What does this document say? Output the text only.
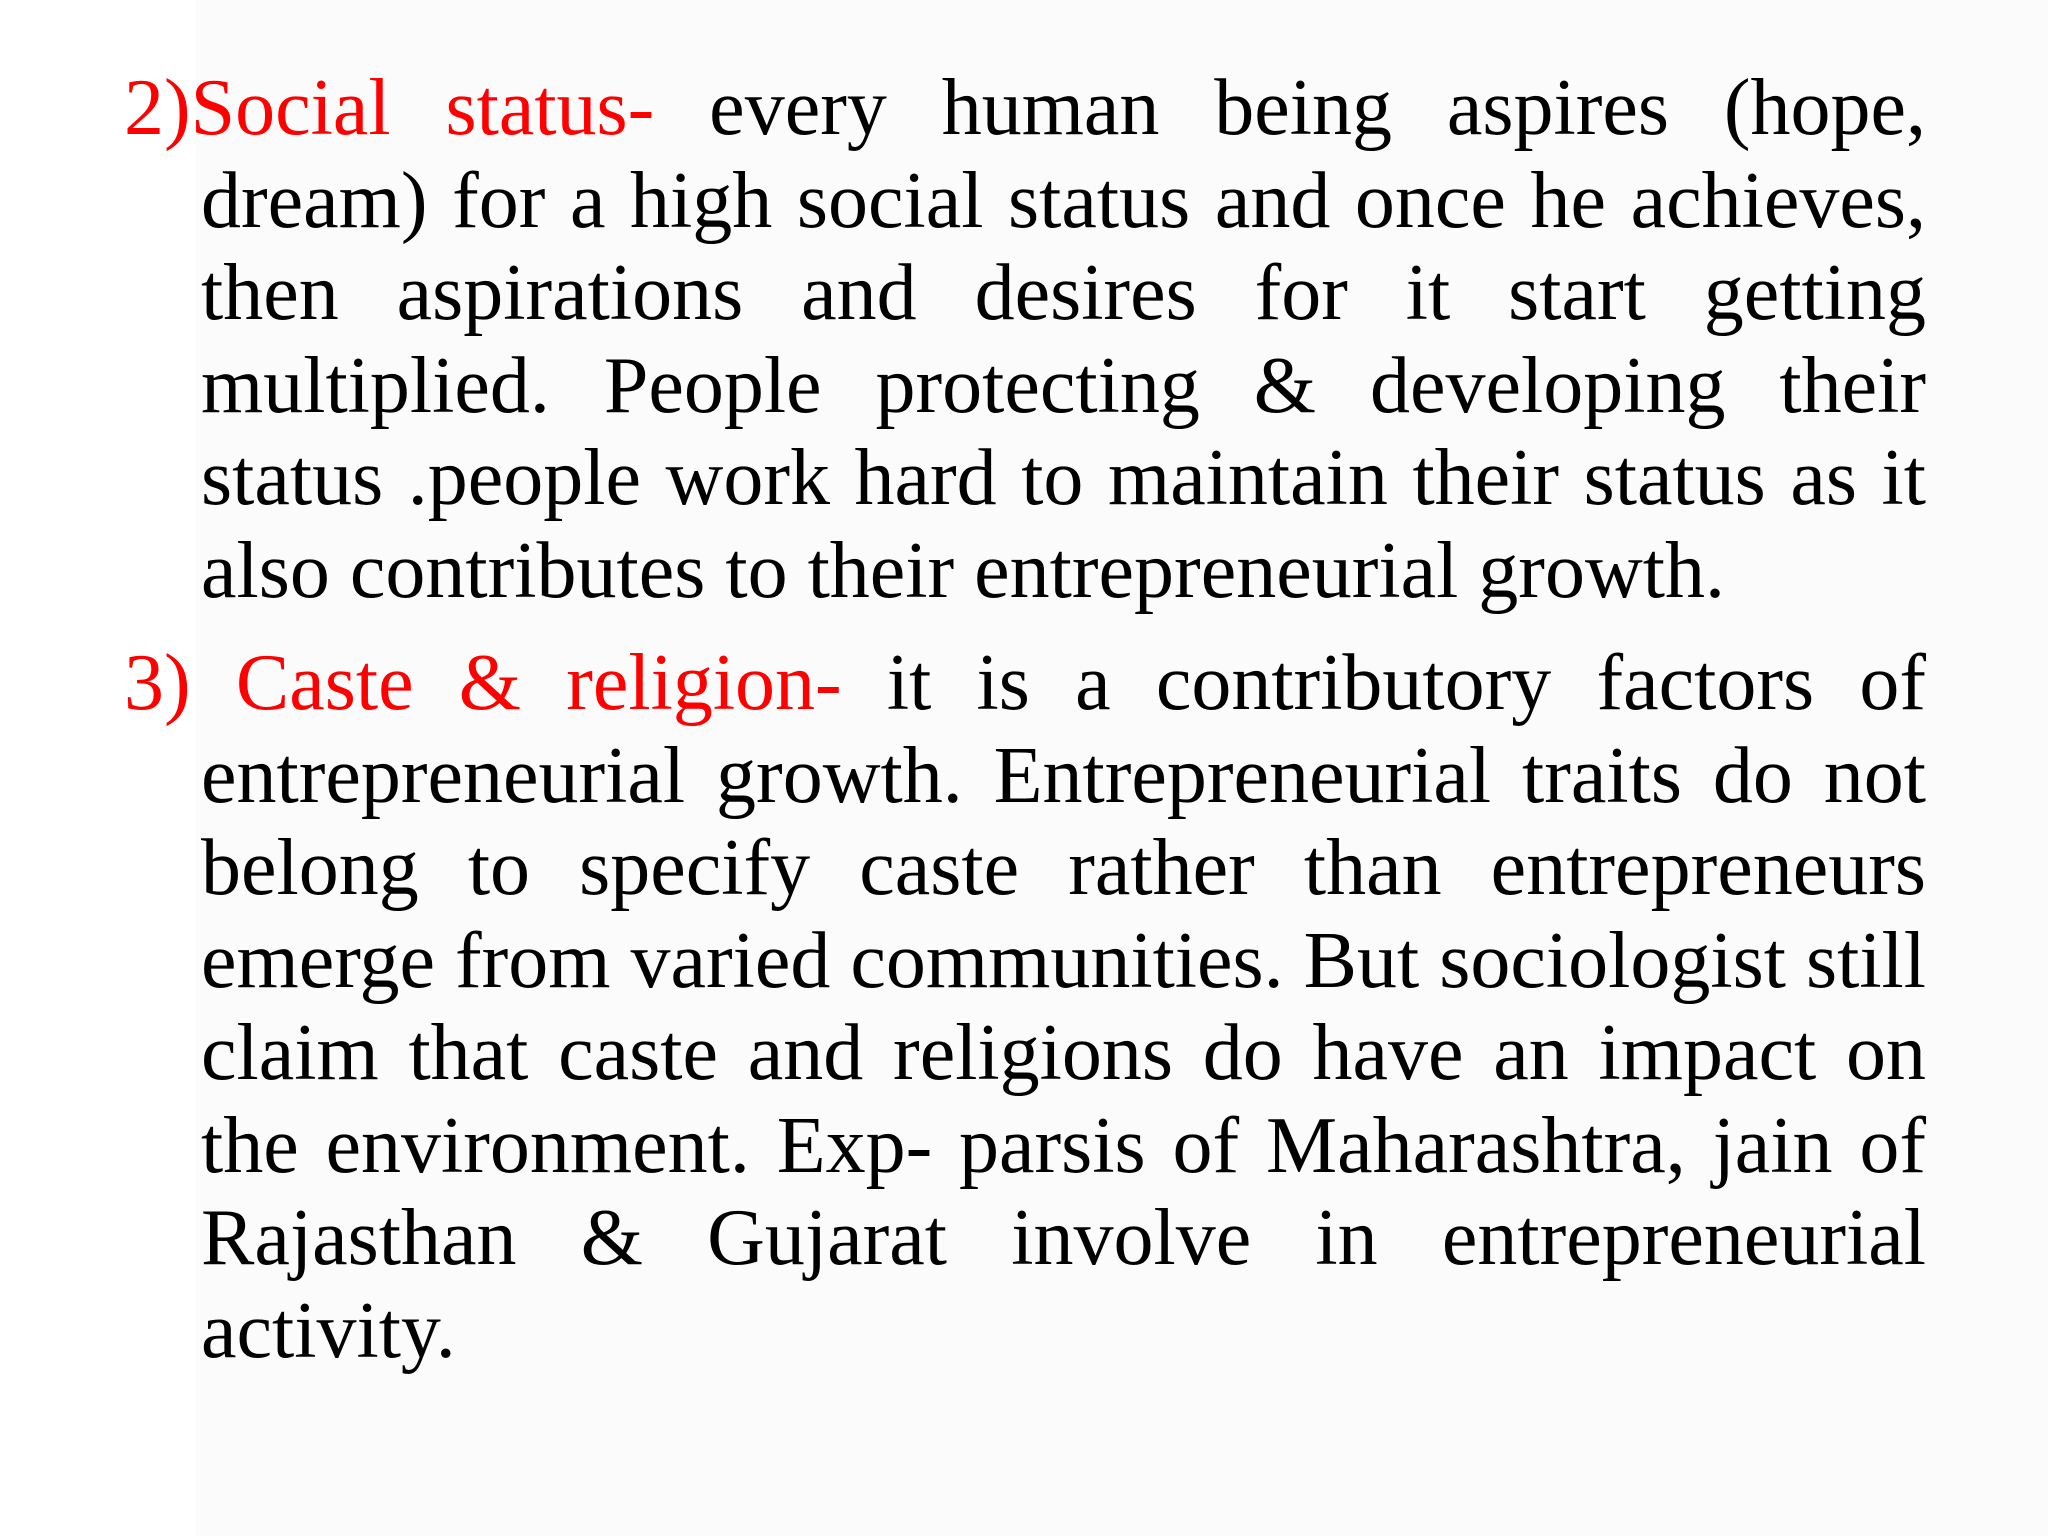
2)Social status- every human being aspires (hope, dream) for a high social status and once he achieves, then aspirations and desires for it start getting multiplied. People protecting & developing their status .people work hard to maintain their status as it also contributes to their entrepreneurial growth.

3) Caste & religion- it is a contributory factors of entrepreneurial growth. Entrepreneurial traits do not belong to specify caste rather than entrepreneurs emerge from varied communities. But sociologist still claim that caste and religions do have an impact on the environment. Exp- parsis of Maharashtra, jain of Rajasthan & Gujarat involve in entrepreneurial activity.
